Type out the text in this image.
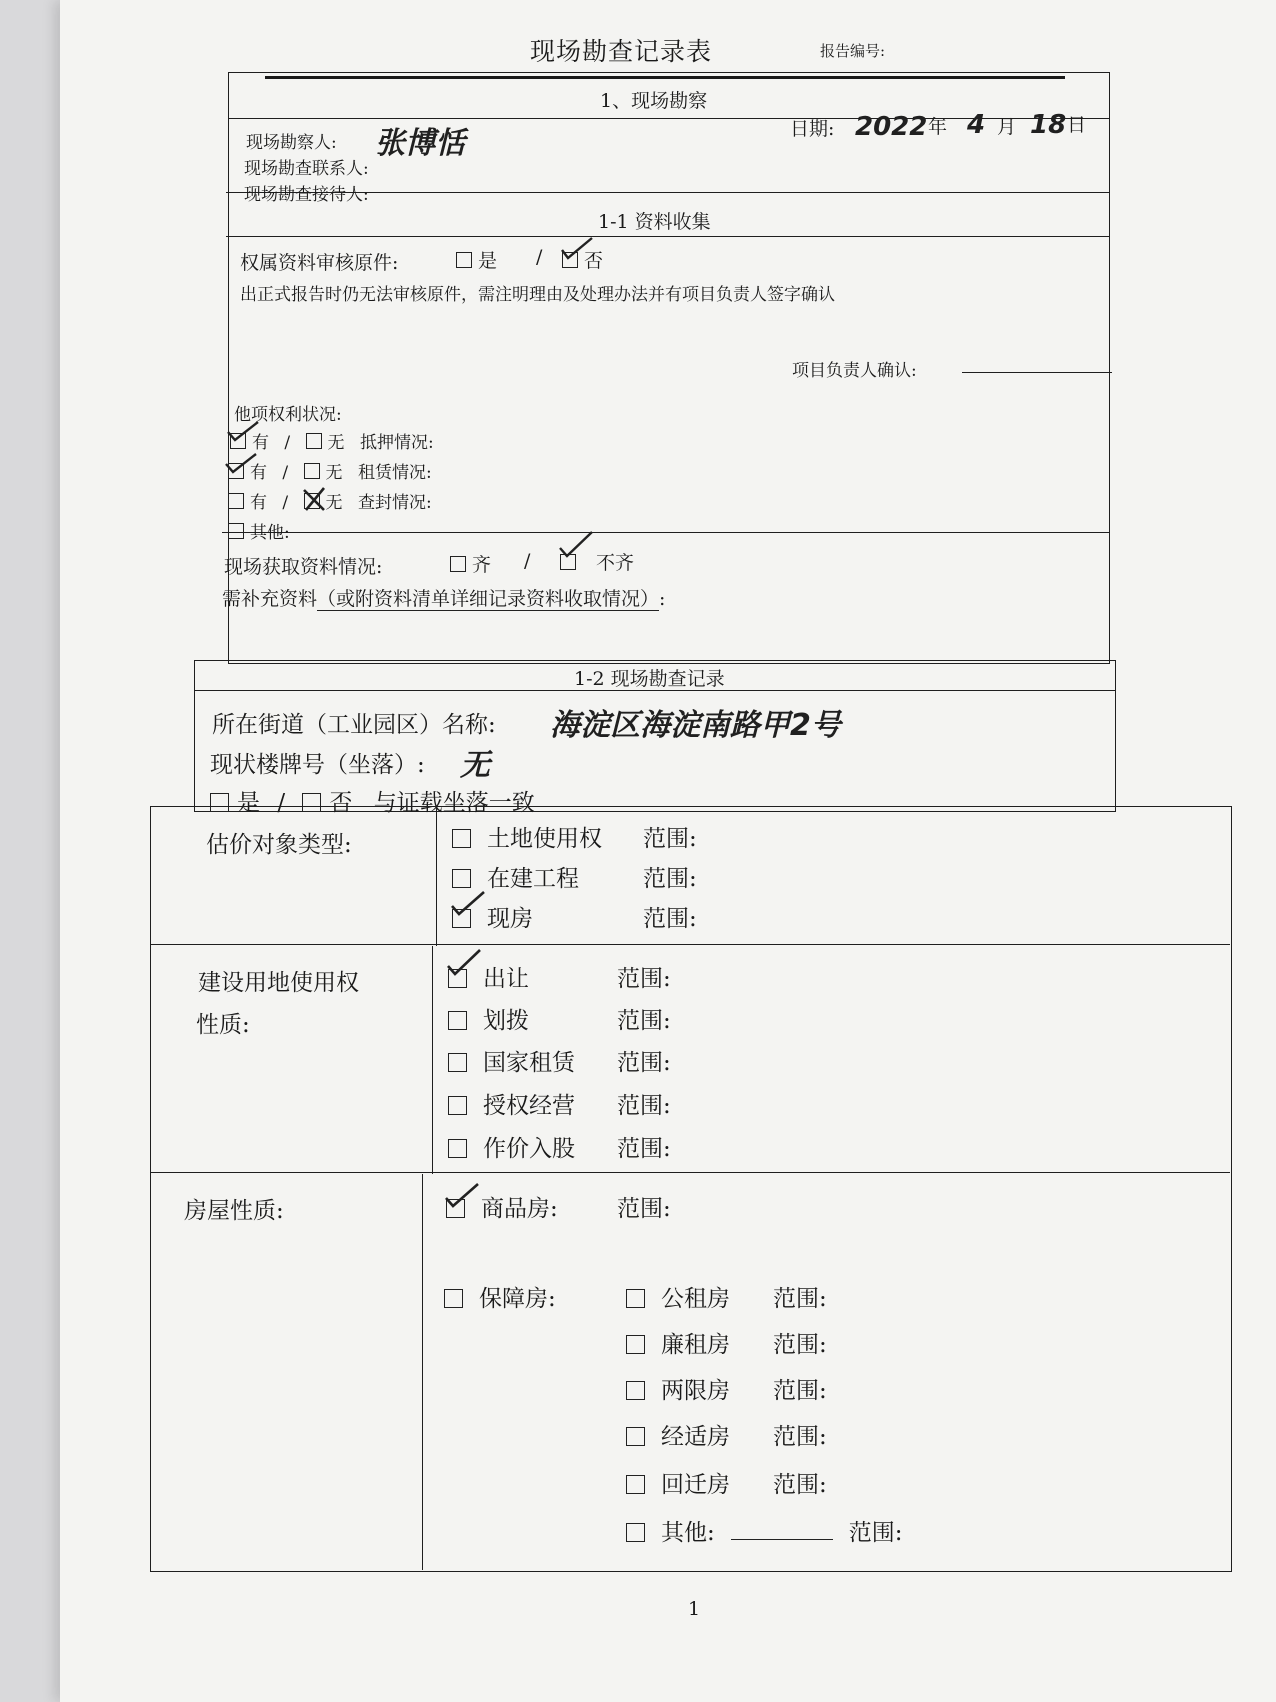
现场勘查记录表	报告编号:
1、现场勘察
现场勘察人: 张博恬
现场勘查联系人:
现场勘查接待人:
日期: 2022 年 4 月 18 日
1-1 资料收集
权属资料审核原件:	是 /	否
出正式报告时仍无法审核原件，需注明理由及处理办法并有项目负责人签字确认
项目负责人确认:
他项权利状况:
有 / 无 抵押情况:
有 / 无 租赁情况:
有 / 无 查封情况:
其他:
现场获取资料情况:	齐 /	不齐
需补充资料（或附资料清单详细记录资料收取情况）:
1-2 现场勘查记录
所在街道（工业园区）名称: 海淀区海淀南路甲2号
现状楼牌号（坐落）: 无
是 / 否 与证载坐落一致
估价对象类型:	土地使用权 范围:
在建工程	范围:
现房	范围:
建设用地使用权
性质:
出让	范围:
划拨	范围:
国家租赁 范围:
授权经营 范围:
作价入股 范围:
房屋性质:	商品房:	范围:
保障房:	公租房 范围:
廉租房 范围:
两限房 范围:
经适房 范围:
回迁房 范围:
其他:	范围:
1
